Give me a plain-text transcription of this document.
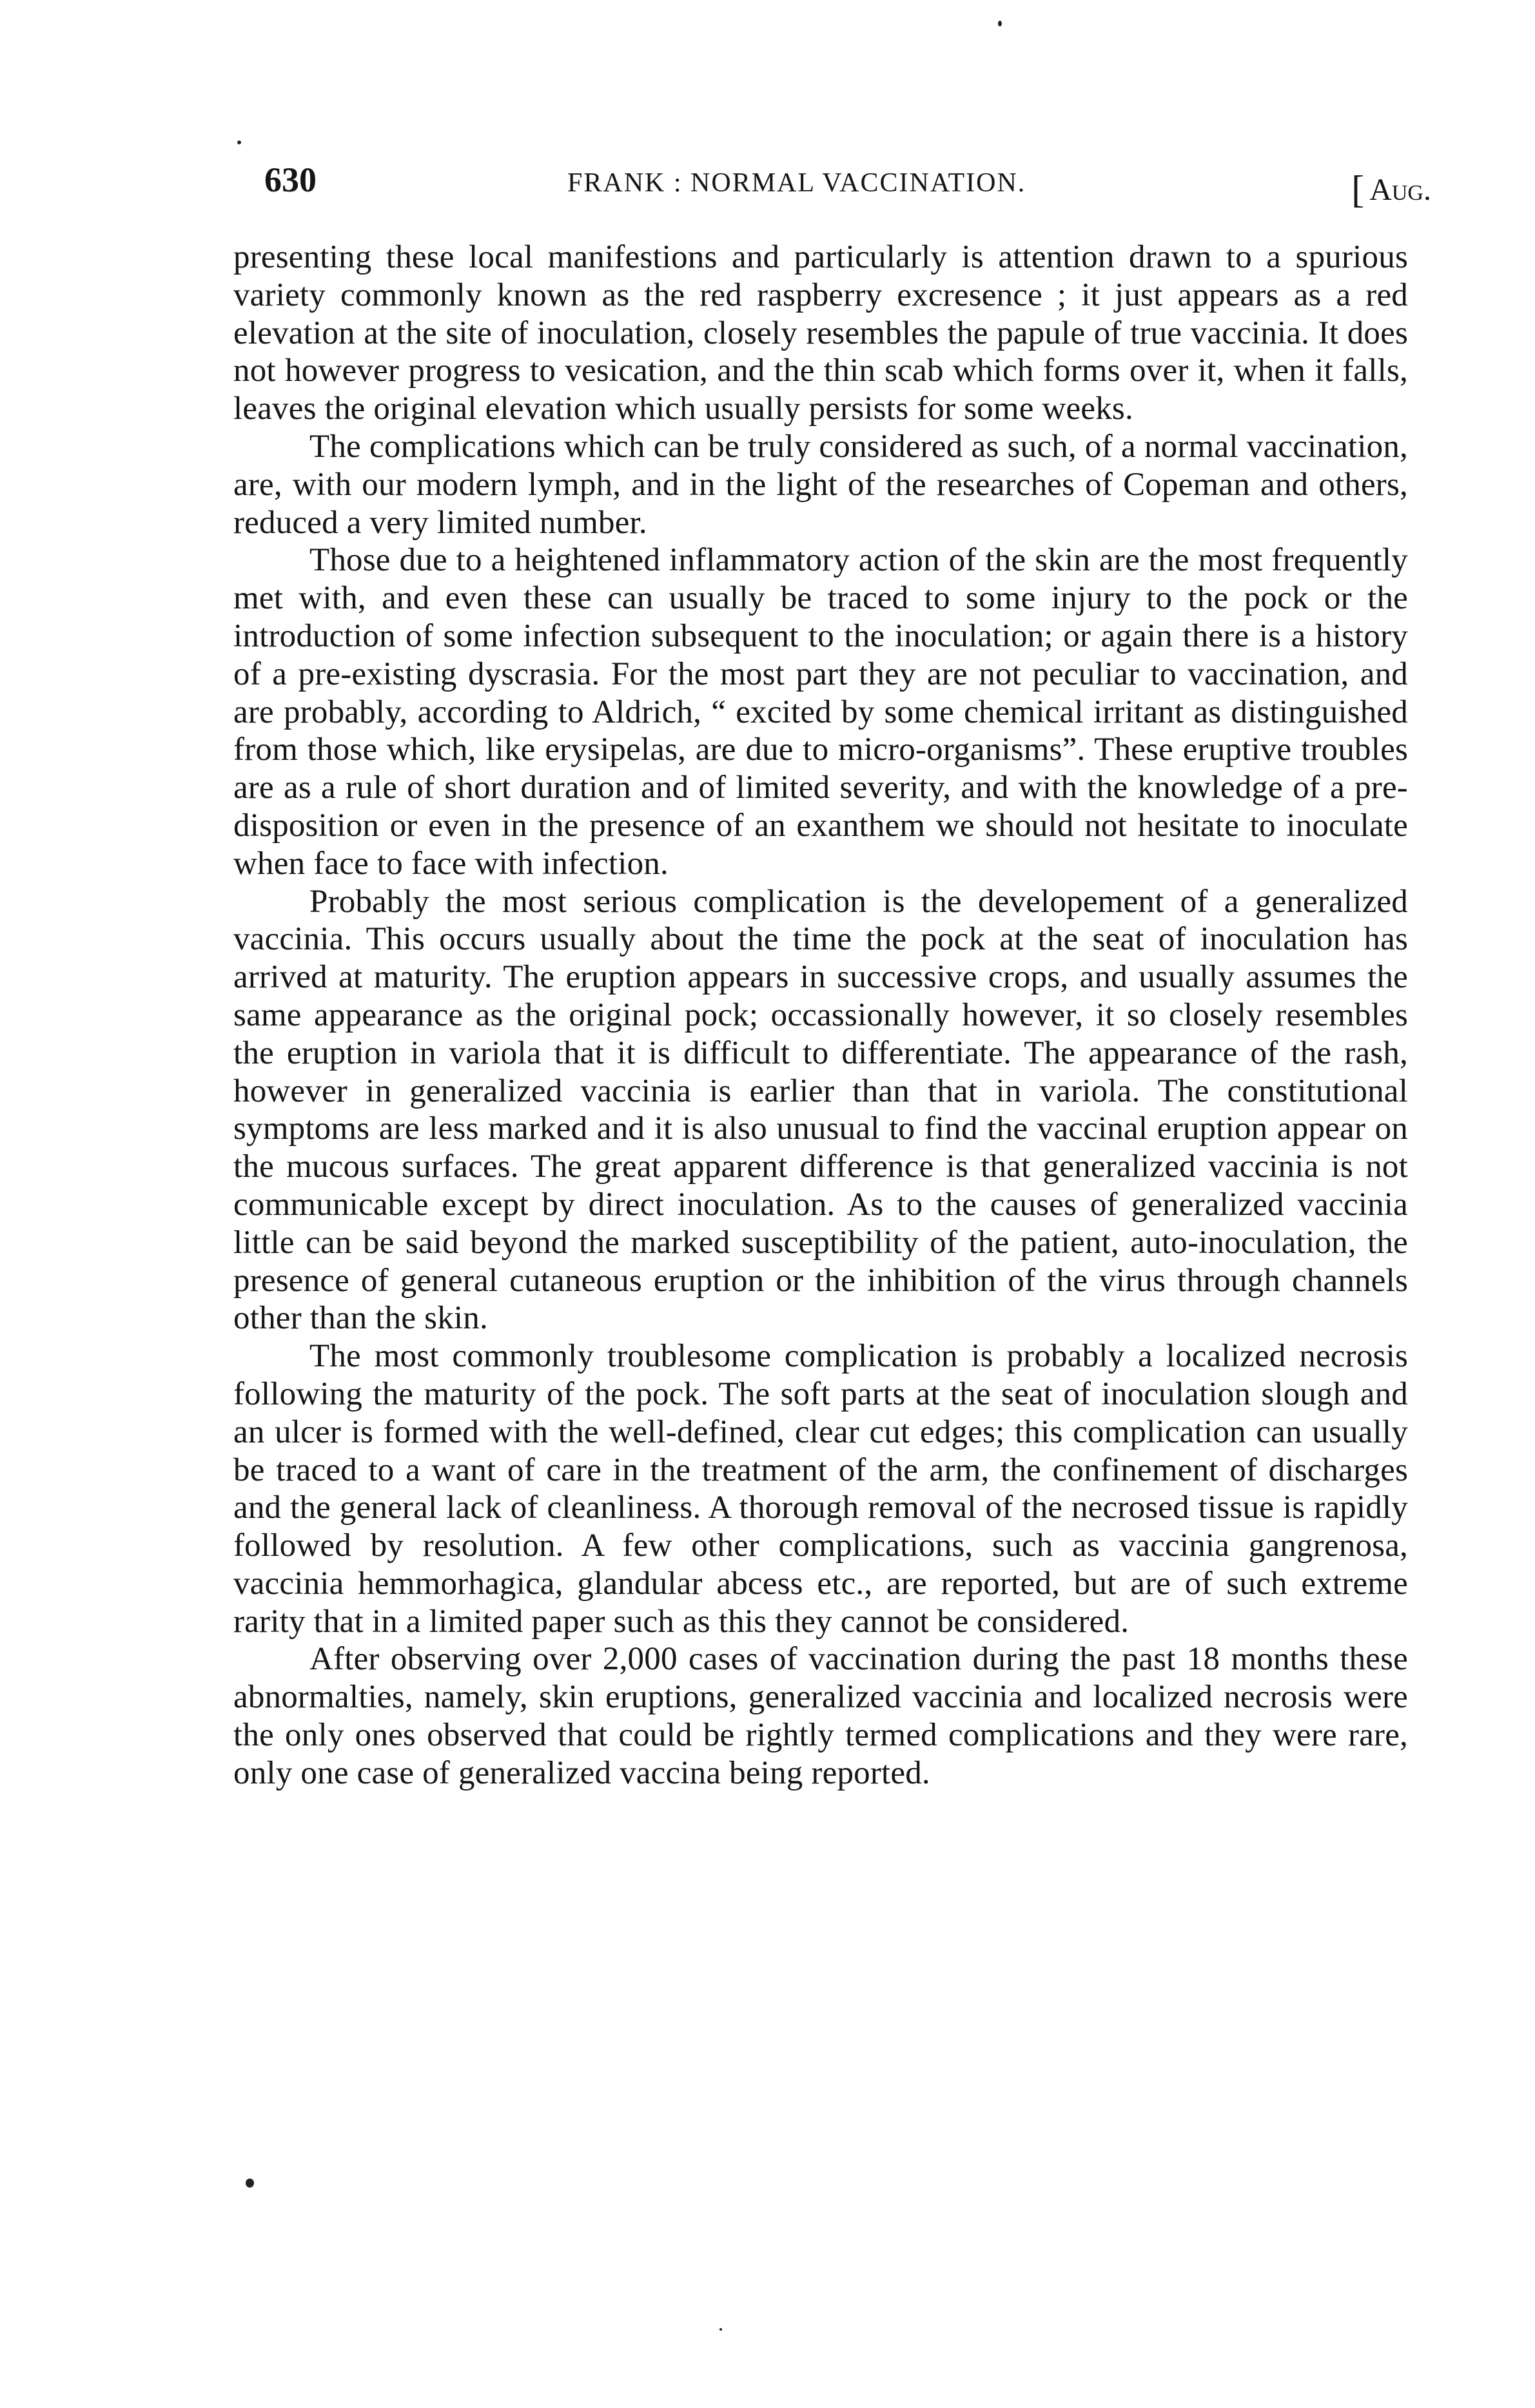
630	FRANK : NORMAL VACCINATION.	[ Aug.

presenting these local manifestions and particularly is attention drawn to a spurious variety commonly known as the red raspberry excresence ; it just appears as a red elevation at the site of inoculation, closely resembles the papule of true vaccinia. It does not however progress to vesication, and the thin scab which forms over it, when it falls, leaves the original elevation which usually persists for some weeks.

The complications which can be truly considered as such, of a normal vaccination, are, with our modern lymph, and in the light of the researches of Copeman and others, reduced a very limited number.

Those due to a heightened inflammatory action of the skin are the most frequently met with, and even these can usually be traced to some injury to the pock or the introduction of some infection subsequent to the inoculation; or again there is a history of a pre-existing dyscrasia. For the most part they are not peculiar to vaccination, and are probably, according to Aldrich, “ excited by some chemical irritant as distinguished from those which, like erysipelas, are due to micro-organisms”. These eruptive troubles are as a rule of short duration and of limited severity, and with the knowledge of a pre-disposition or even in the presence of an exanthem we should not hesitate to inoculate when face to face with infection.

Probably the most serious complication is the developement of a generalized vaccinia. This occurs usually about the time the pock at the seat of inoculation has arrived at maturity. The eruption appears in successive crops, and usually assumes the same appearance as the original pock; occassionally however, it so closely resembles the eruption in variola that it is difficult to differentiate. The appearance of the rash, however in generalized vaccinia is earlier than that in variola. The constitutional symptoms are less marked and it is also unusual to find the vaccinal eruption appear on the mucous surfaces. The great apparent difference is that generalized vaccinia is not communicable except by direct inoculation. As to the causes of generalized vaccinia little can be said beyond the marked susceptibility of the patient, auto-inoculation, the presence of general cutaneous eruption or the inhibition of the virus through channels other than the skin.

The most commonly troublesome complication is probably a localized necrosis following the maturity of the pock. The soft parts at the seat of inoculation slough and an ulcer is formed with the well-defined, clear cut edges; this complication can usually be traced to a want of care in the treatment of the arm, the confinement of discharges and the general lack of cleanliness. A thorough removal of the necrosed tissue is rapidly followed by resolution. A few other complications, such as vaccinia gangrenosa, vaccinia hemmorhagica, glandular abcess etc., are reported, but are of such extreme rarity that in a limited paper such as this they cannot be considered.

After observing over 2,000 cases of vaccination during the past 18 months these abnormalties, namely, skin eruptions, generalized vaccinia and localized necrosis were the only ones observed that could be rightly termed complications and they were rare, only one case of generalized vaccina being reported.
